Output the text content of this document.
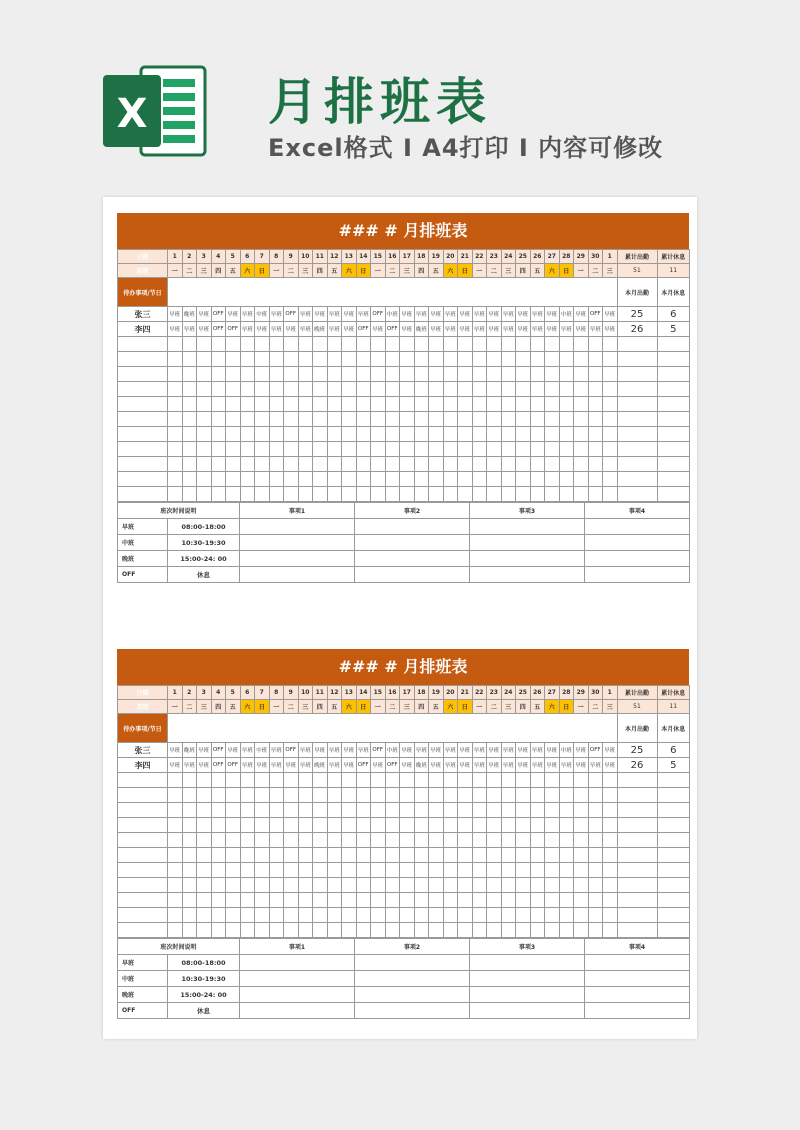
X 月排班表
Excel格式 I A4打印 I 内容可修改
### # 月排班表
日期	1	2	3	4	5	6	7	8	9	10	11	12	13	14	15	16	17	18	19	20	21	22	23	24	25	26	27	28	29	30	1	累计出勤	累计休息
星期	一	二	三	四	五	六	日	一	二	三	四	五	六	日	一	二	三	四	五	六	日	一	二	三	四	五	六	日	一	二	三	51	11
待办事项/节日																																本月出勤	本月休息
张三	早班	晚班	早班	OFF	早班	早班	中班	早班	OFF	早班	早班	早班	早班	早班	OFF	中班	早班	早班	早班	早班	早班	早班	早班	早班	早班	早班	早班	中班	早班	OFF	早班	25	6
李四	早班	早班	早班	OFF	OFF	早班	早班	早班	早班	早班	晚班	早班	早班	OFF	早班	OFF	早班	晚班	早班	早班	早班	早班	早班	早班	早班	早班	早班	早班	早班	早班	早班	26	5

班次时间说明		事项1	事项2	事项3	事项4
早班	08:00-18:00				
中班	10:30-19:30				
晚班	15:00-24: 00				
OFF	休息				
### # 月排班表
日期	1	2	3	4	5	6	7	8	9	10	11	12	13	14	15	16	17	18	19	20	21	22	23	24	25	26	27	28	29	30	1	累计出勤	累计休息
星期	一	二	三	四	五	六	日	一	二	三	四	五	六	日	一	二	三	四	五	六	日	一	二	三	四	五	六	日	一	二	三	51	11
待办事项/节日																																本月出勤	本月休息
张三	早班	晚班	早班	OFF	早班	早班	中班	早班	OFF	早班	早班	早班	早班	早班	OFF	中班	早班	早班	早班	早班	早班	早班	早班	早班	早班	早班	早班	中班	早班	OFF	早班	25	6
李四	早班	早班	早班	OFF	OFF	早班	早班	早班	早班	早班	晚班	早班	早班	OFF	早班	OFF	早班	晚班	早班	早班	早班	早班	早班	早班	早班	早班	早班	早班	早班	早班	早班	26	5

班次时间说明		事项1	事项2	事项3	事项4
早班	08:00-18:00				
中班	10:30-19:30				
晚班	15:00-24: 00				
OFF	休息				
